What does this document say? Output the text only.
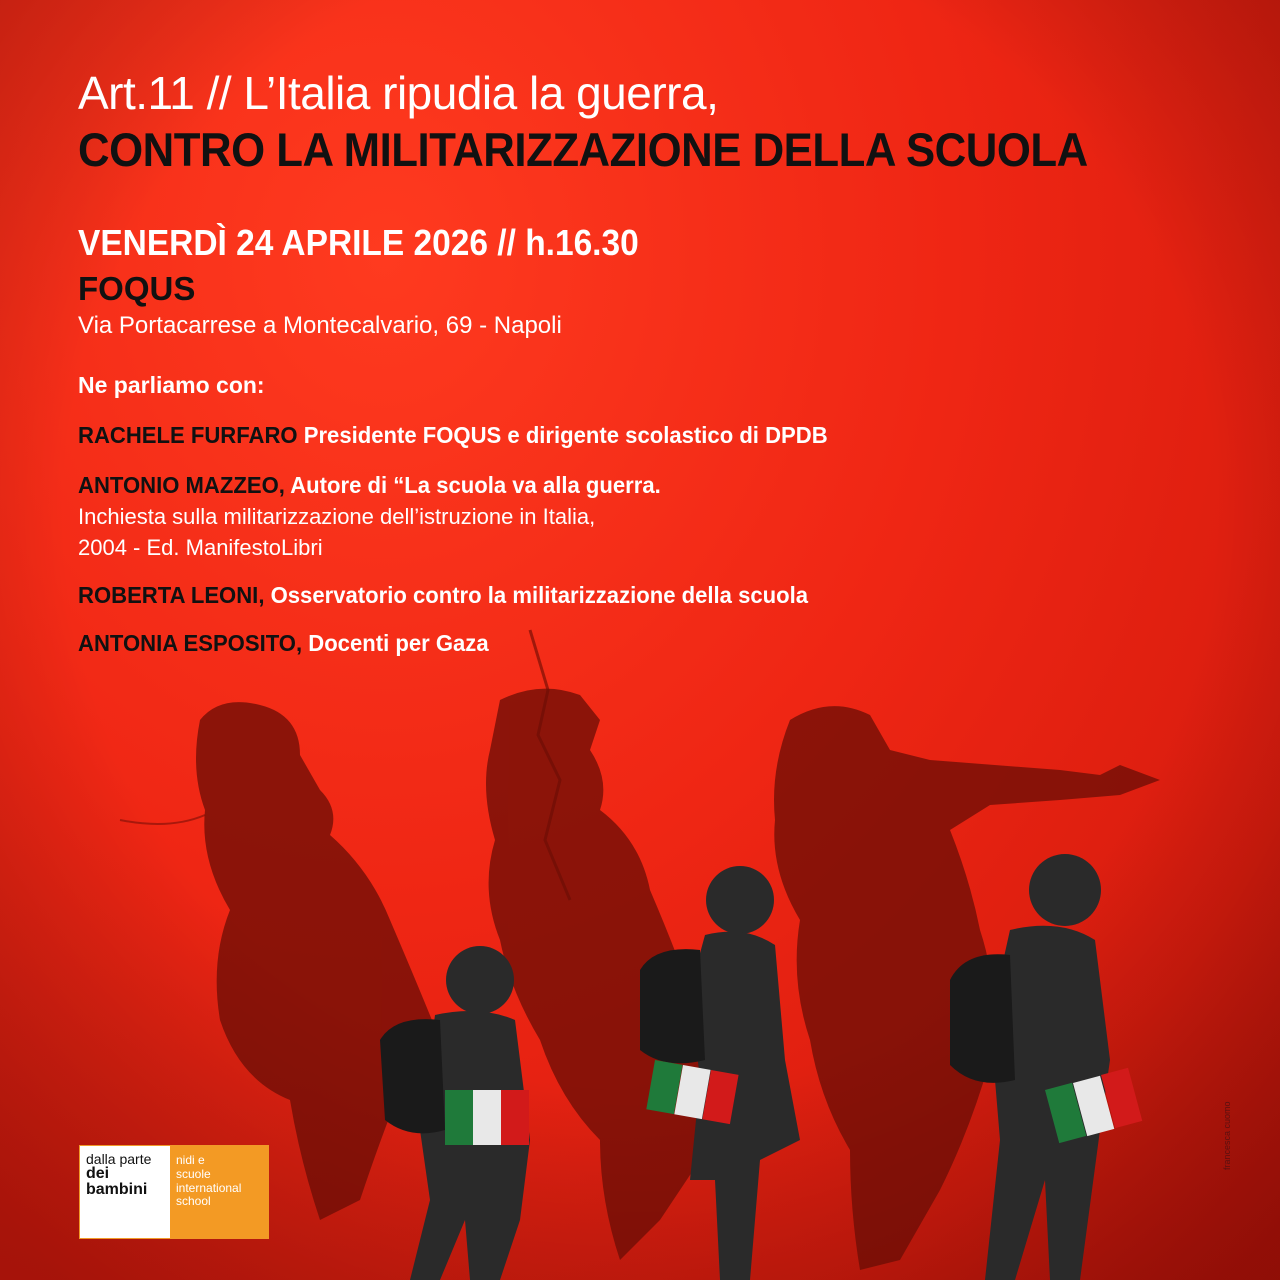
Art.11 // L’Italia ripudia la guerra,
CONTRO LA MILITARIZZAZIONE DELLA SCUOLA
VENERDÌ 24 APRILE 2026 // h.16.30
FOQUS
Via Portacarrese a Montecalvario, 69 - Napoli
Ne parliamo con:
RACHELE FURFARO Presidente FOQUS e dirigente scolastico di DPDB
ANTONIO MAZZEO, Autore di “La scuola va alla guerra.
Inchiesta sulla militarizzazione dell’istruzione in Italia,
2004 - Ed. ManifestoLibri
ROBERTA LEONI, Osservatorio contro la militarizzazione della scuola
ANTONIA ESPOSITO, Docenti per Gaza
dalla parte
dei
bambini
nidi e
scuole
international
school
francesca cuomo
